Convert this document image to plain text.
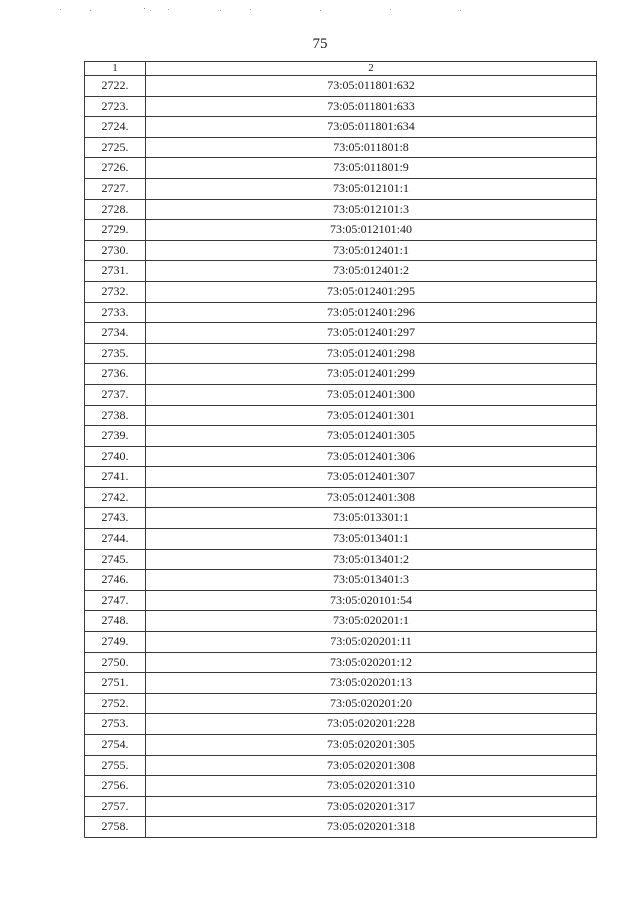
75
1	2
2722.	73:05:011801:632
2723.	73:05:011801:633
2724.	73:05:011801:634
2725.	73:05:011801:8
2726.	73:05:011801:9
2727.	73:05:012101:1
2728.	73:05:012101:3
2729.	73:05:012101:40
2730.	73:05:012401:1
2731.	73:05:012401:2
2732.	73:05:012401:295
2733.	73:05:012401:296
2734.	73:05:012401:297
2735.	73:05:012401:298
2736.	73:05:012401:299
2737.	73:05:012401:300
2738.	73:05:012401:301
2739.	73:05:012401:305
2740.	73:05:012401:306
2741.	73:05:012401:307
2742.	73:05:012401:308
2743.	73:05:013301:1
2744.	73:05:013401:1
2745.	73:05:013401:2
2746.	73:05:013401:3
2747.	73:05:020101:54
2748.	73:05:020201:1
2749.	73:05:020201:11
2750.	73:05:020201:12
2751.	73:05:020201:13
2752.	73:05:020201:20
2753.	73:05:020201:228
2754.	73:05:020201:305
2755.	73:05:020201:308
2756.	73:05:020201:310
2757.	73:05:020201:317
2758.	73:05:020201:318
